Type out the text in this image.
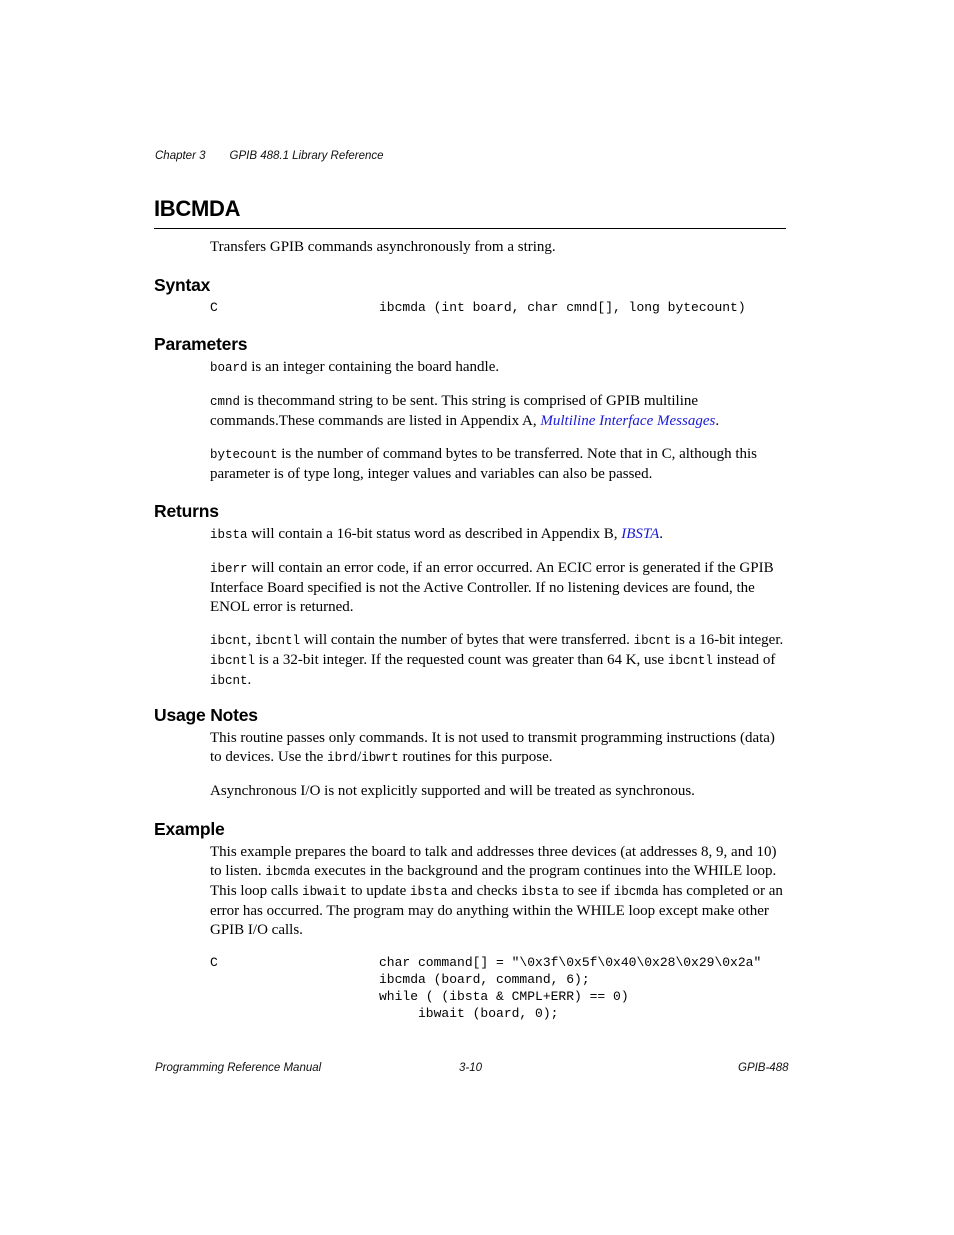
Chapter 3 GPIB 488.1 Library Reference
IBCMDA
Transfers GPIB commands asynchronously from a string.
Syntax
C	ibcmda (int board, char cmnd[], long bytecount)
Parameters
board is an integer containing the board handle.
cmnd is thecommand string to be sent. This string is comprised of GPIB multiline commands.These commands are listed in Appendix A, Multiline Interface Messages.
bytecount is the number of command bytes to be transferred. Note that in C, although this parameter is of type long, integer values and variables can also be passed.
Returns
ibsta will contain a 16-bit status word as described in Appendix B, IBSTA.
iberr will contain an error code, if an error occurred. An ECIC error is generated if the GPIB Interface Board specified is not the Active Controller. If no listening devices are found, the ENOL error is returned.
ibcnt, ibcntl will contain the number of bytes that were transferred. ibcnt is a 16-bit integer. ibcntl is a 32-bit integer. If the requested count was greater than 64 K, use ibcntl instead of ibcnt.
Usage Notes
This routine passes only commands. It is not used to transmit programming instructions (data) to devices. Use the ibrd/ibwrt routines for this purpose.
Asynchronous I/O is not explicitly supported and will be treated as synchronous.
Example
This example prepares the board to talk and addresses three devices (at addresses 8, 9, and 10) to listen. ibcmda executes in the background and the program continues into the WHILE loop. This loop calls ibwait to update ibsta and checks ibsta to see if ibcmda has completed or an error has occurred. The program may do anything within the WHILE loop except make other GPIB I/O calls.
C	char command[] = "\0x3f\0x5f\0x40\0x28\0x29\0x2a"
ibcmda (board, command, 6);
while ( (ibsta & CMPL+ERR) == 0)
ibwait (board, 0);
Programming Reference Manual	3-10	GPIB-488
